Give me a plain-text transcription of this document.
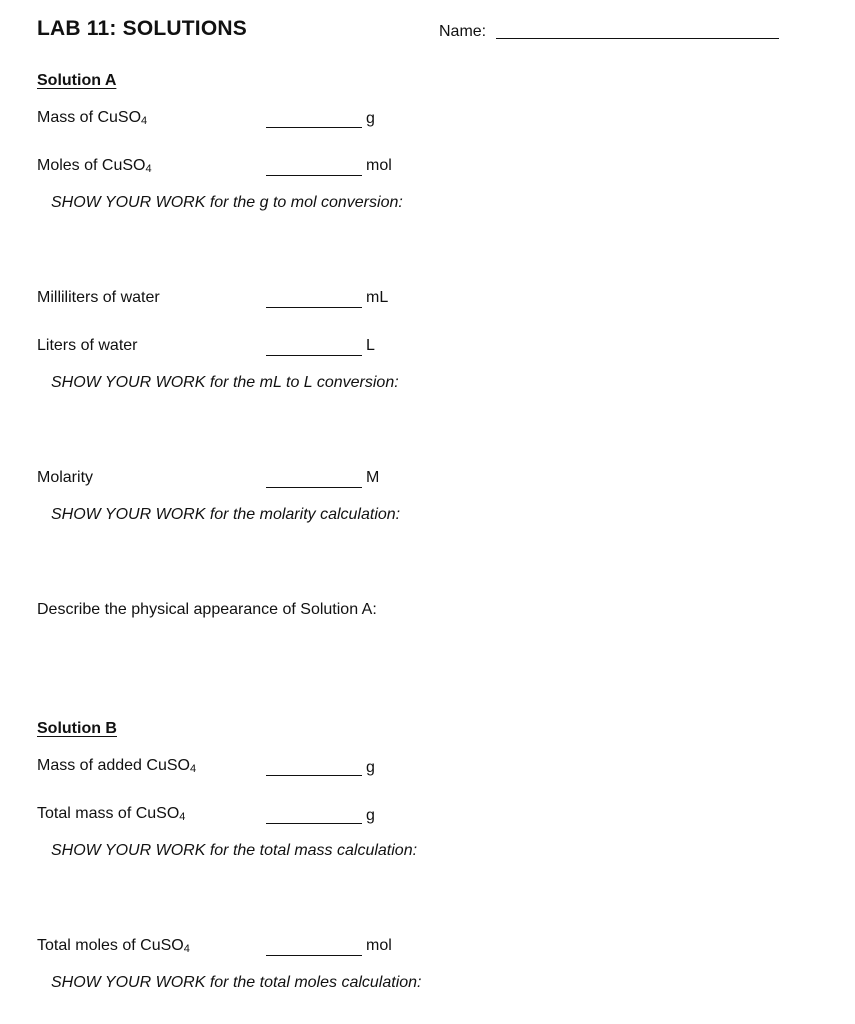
LAB 11: SOLUTIONS	Name:
Solution A
Mass of CuSO$_4$	g
Moles of CuSO$_4$	mol
SHOW YOUR WORK for the g to mol conversion:
Milliliters of water	mL
Liters of water	L
SHOW YOUR WORK for the mL to L conversion:
Molarity	M
SHOW YOUR WORK for the molarity calculation:
Describe the physical appearance of Solution A:
Solution B
Mass of added CuSO$_4$	g
Total mass of CuSO$_4$	g
SHOW YOUR WORK for the total mass calculation:
Total moles of CuSO$_4$	mol
SHOW YOUR WORK for the total moles calculation:
